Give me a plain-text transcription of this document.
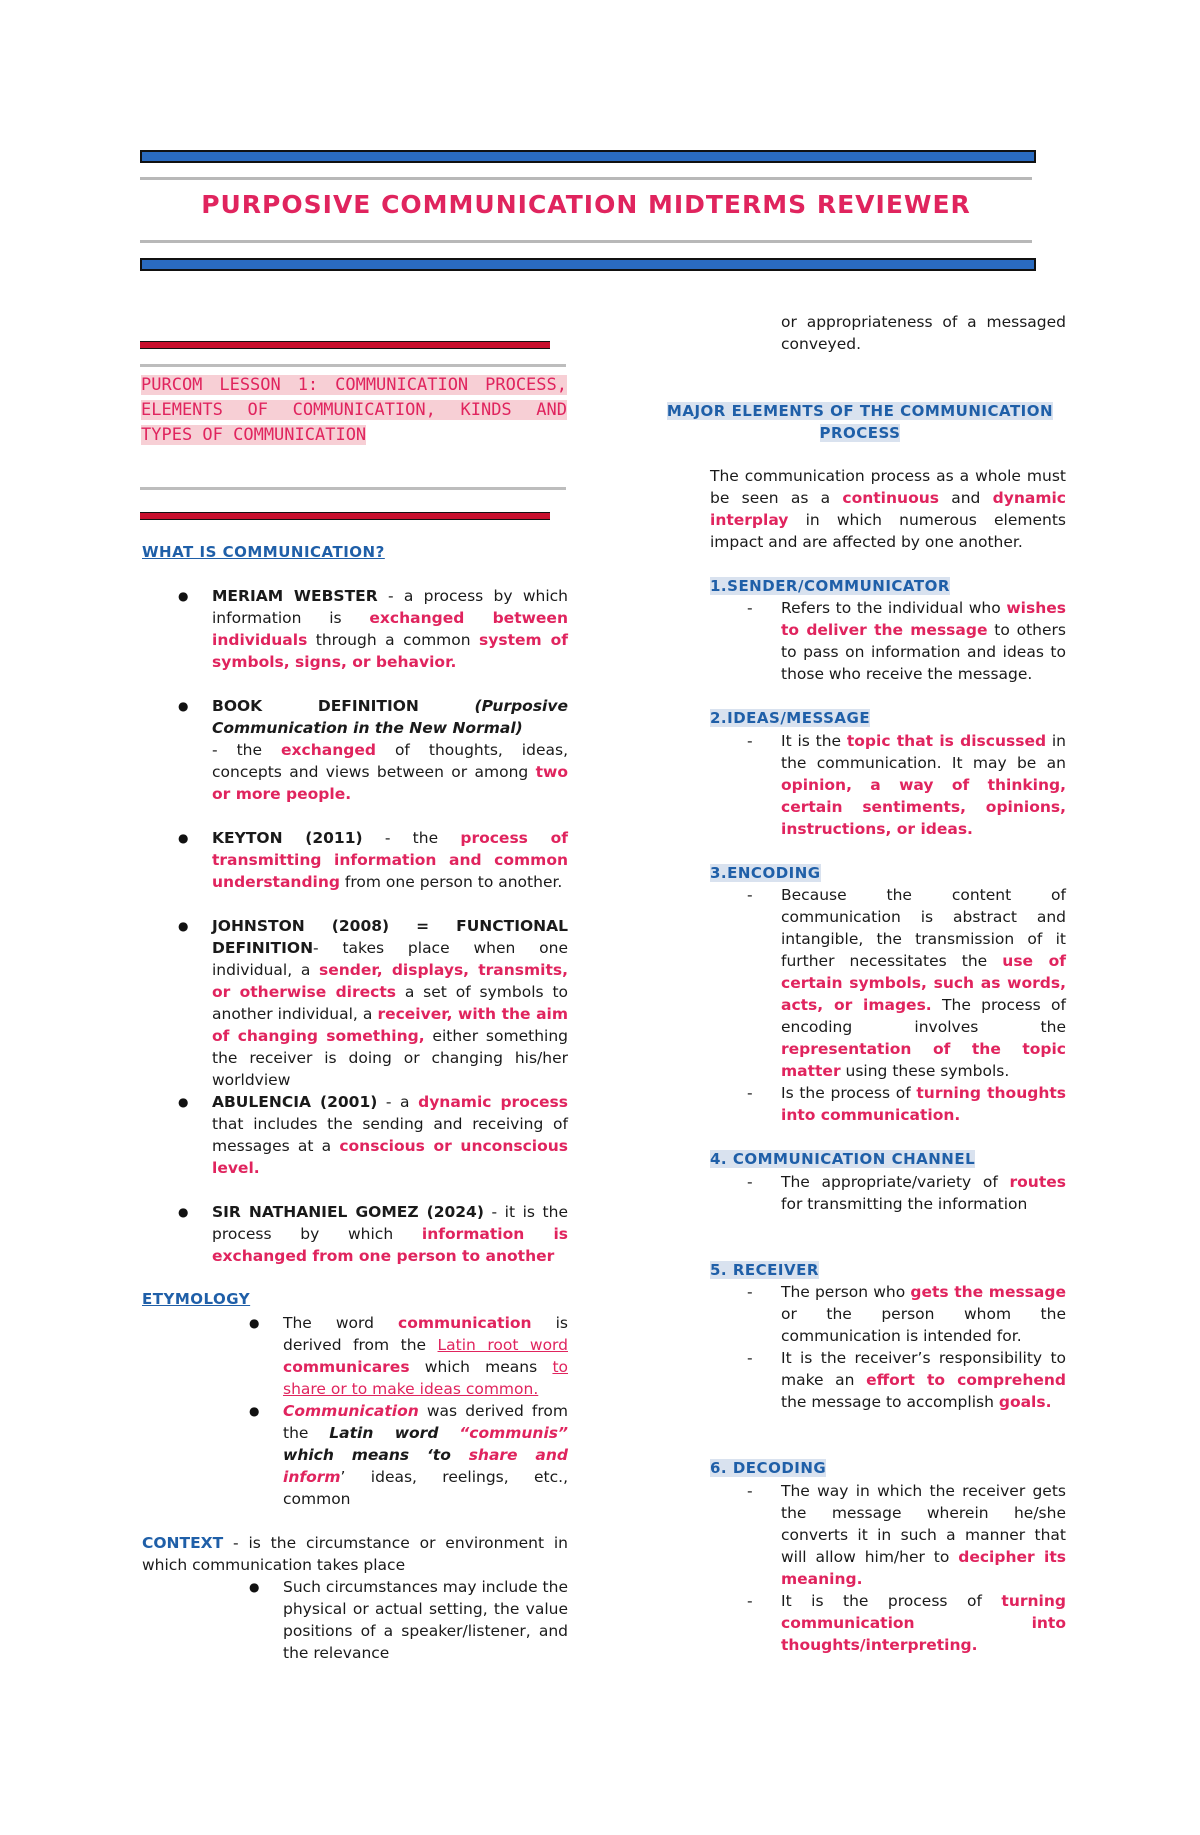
PURPOSIVE COMMUNICATION MIDTERMS REVIEWER
PURCOM LESSON 1: COMMUNICATION PROCESS, ELEMENTS OF COMMUNICATION, KINDS AND TYPES OF COMMUNICATION
WHAT IS COMMUNICATION?
● MERIAM WEBSTER - a process by which information is exchanged between individuals through a common system of symbols, signs, or behavior.
● BOOK DEFINITION (Purposive Communication in the New Normal)
- the exchanged of thoughts, ideas, concepts and views between or among two or more people.
● KEYTON (2011) - the process of transmitting information and common understanding from one person to another.
● JOHNSTON (2008) = FUNCTIONAL DEFINITION- takes place when one individual, a sender, displays, transmits, or otherwise directs a set of symbols to another individual, a receiver, with the aim of changing something, either something the receiver is doing or changing his/her worldview
● ABULENCIA (2001) - a dynamic process that includes the sending and receiving of messages at a conscious or unconscious level.
● SIR NATHANIEL GOMEZ (2024) - it is the process by which information is exchanged from one person to another
ETYMOLOGY
● The word communication is derived from the Latin root word communicares which means to share or to make ideas common.
● Communication was derived from the Latin word “communis” which means ‘to share and inform’ ideas, reelings, etc., common
CONTEXT - is the circumstance or environment in which communication takes place
● Such circumstances may include the physical or actual setting, the value positions of a speaker/listener, and the relevance
or appropriateness of a messaged conveyed.
MAJOR ELEMENTS OF THE COMMUNICATION
PROCESS
The communication process as a whole must be seen as a continuous and dynamic interplay in which numerous elements impact and are affected by one another.
1.SENDER/COMMUNICATOR
- Refers to the individual who wishes to deliver the message to others to pass on information and ideas to those who receive the message.
2.IDEAS/MESSAGE
- It is the topic that is discussed in the communication. It may be an opinion, a way of thinking, certain sentiments, opinions, instructions, or ideas.
3.ENCODING
- Because the content of communication is abstract and intangible, the transmission of it further necessitates the use of certain symbols, such as words, acts, or images. The process of encoding involves the representation of the topic matter using these symbols.
- Is the process of turning thoughts into communication.
4. COMMUNICATION CHANNEL
- The appropriate/variety of routes for transmitting the information
5. RECEIVER
- The person who gets the message or the person whom the communication is intended for.
- It is the receiver’s responsibility to make an effort to comprehend the message to accomplish goals.
6. DECODING
- The way in which the receiver gets the message wherein he/she converts it in such a manner that will allow him/her to decipher its meaning.
- It is the process of turning communication into thoughts/interpreting.
